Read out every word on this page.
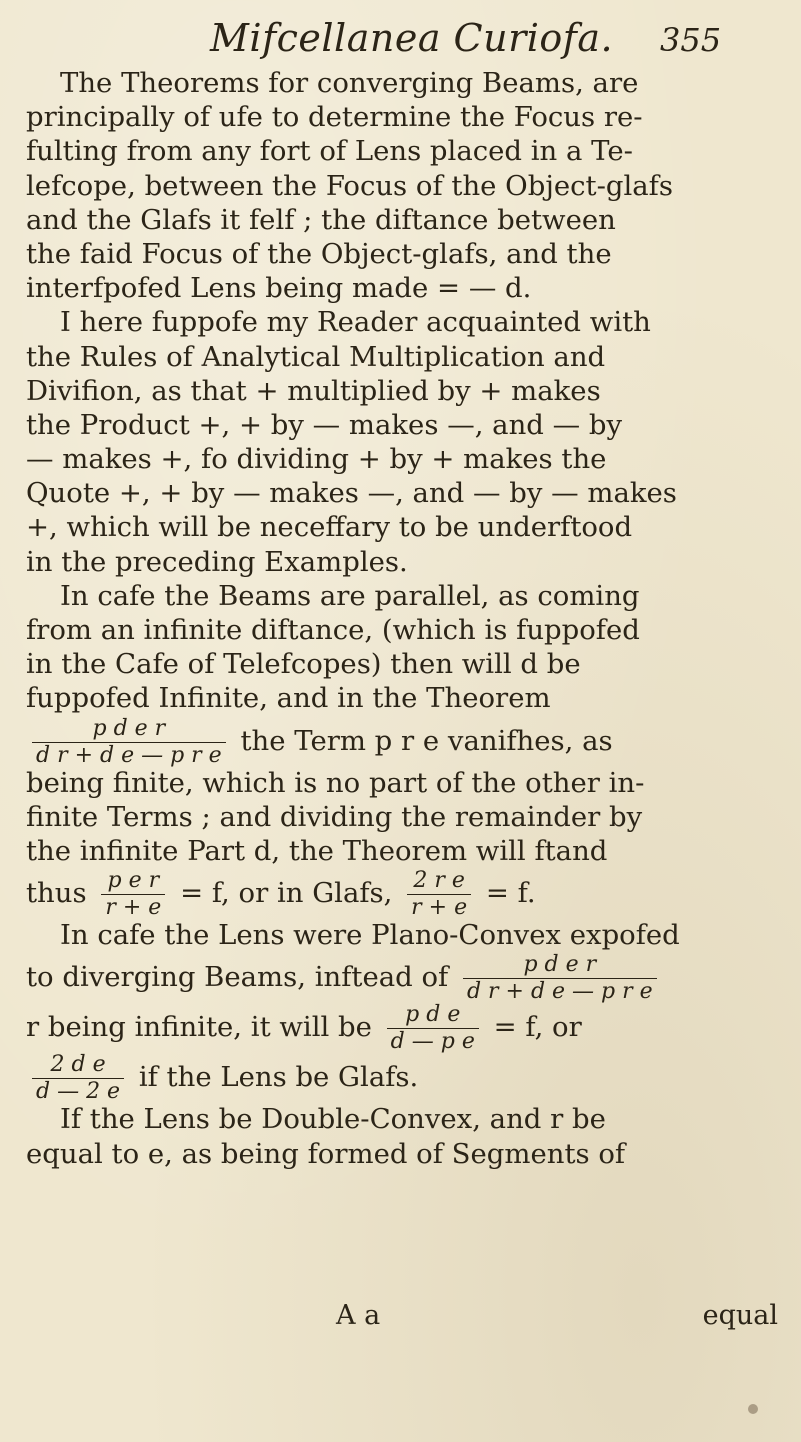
Mifcellanea Curiofa. 355
The Theorems for converging Beams, are
principally of ufe to determine the Focus re-
fulting from any fort of Lens placed in a Te-
lefcope, between the Focus of the Object-glafs
and the Glafs it felf ; the diftance between
the faid Focus of the Object-glafs, and the
interfpofed Lens being made = — d.
I here fuppofe my Reader acquainted with
the Rules of Analytical Multiplication and
Divifion, as that + multiplied by + makes
the Product +, + by — makes —, and — by
— makes +, fo dividing + by + makes the
Quote +, + by — makes —, and — by — makes
+, which will be neceffary to be underftood
in the preceding Examples.
In cafe the Beams are parallel, as coming
from an infinite diftance, (which is fuppofed
in the Cafe of Telefcopes) then will d be
fuppofed Infinite, and in the Theorem
$\frac{\text{p d e r}}{\text{d r + d e — p r e}}$ the Term p r e vanifhes, as
being finite, which is no part of the other in-
finite Terms ; and dividing the remainder by
the infinite Part d, the Theorem will ftand
thus $\frac{\text{p e r}}{r + e} = f$, or in Glafs, $\frac{\text{2 r e}}{r + e} = f$.
In cafe the Lens were Plano-Convex expofed
to diverging Beams, inftead of $\frac{\text{p d e r}}{\text{d r + d e — p r e}}$
r being infinite, it will be $\frac{\text{p d e}}{\text{d — p e}} = f$, or
$\frac{\text{2 d e}}{d — 2 e}$ if the Lens be Glafs.
If the Lens be Double-Convex, and r be
equal to e, as being formed of Segments of
A a	equal
